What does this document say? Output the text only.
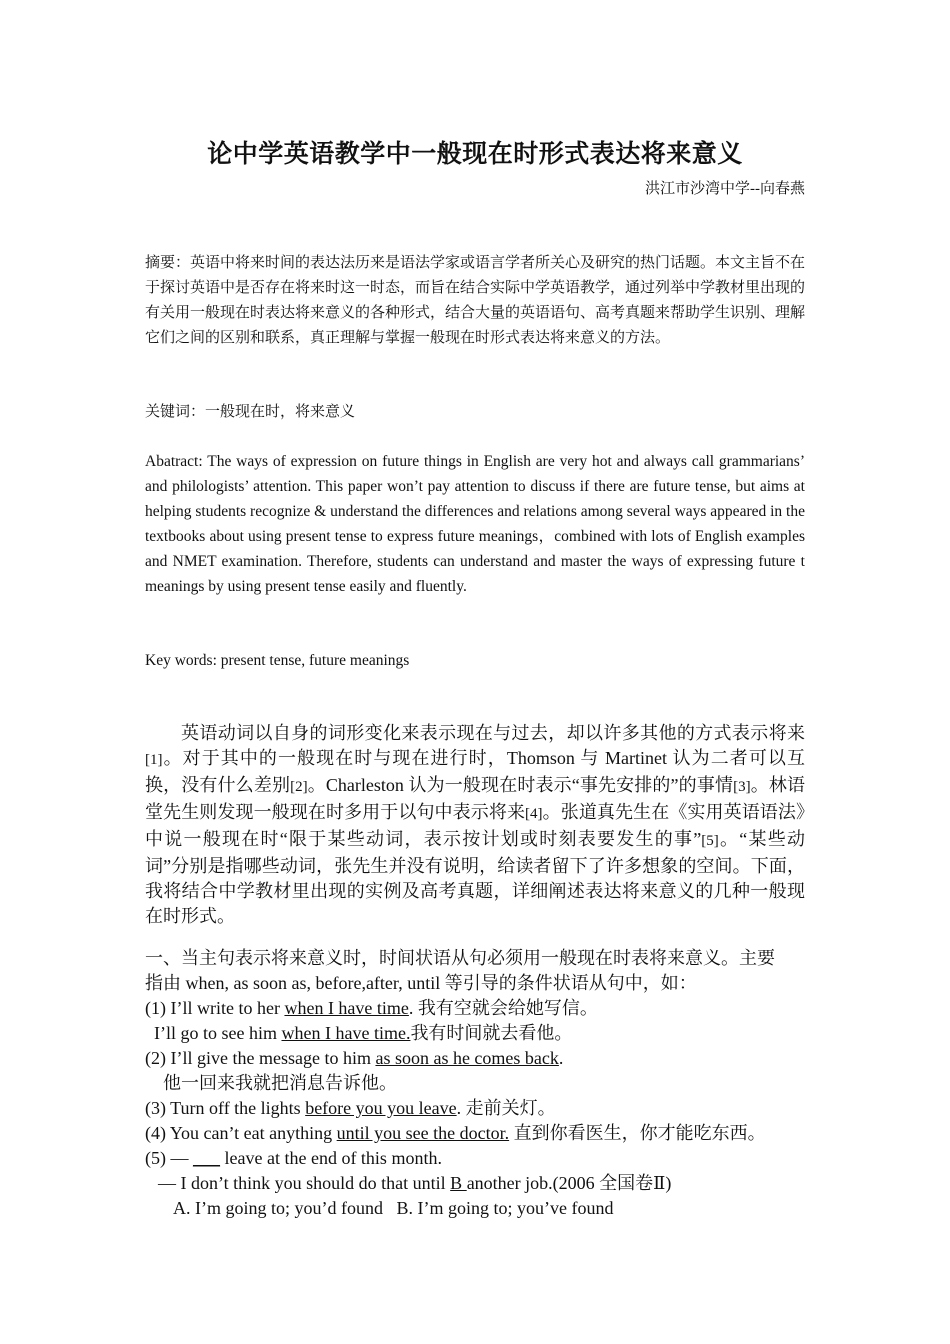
论中学英语教学中一般现在时形式表达将来意义
洪江市沙湾中学--向春燕
摘要：英语中将来时间的表达法历来是语法学家或语言学者所关心及研究的热门话题。本文主旨不在于探讨英语中是否存在将来时这一时态，而旨在结合实际中学英语教学，通过列举中学教材里出现的有关用一般现在时表达将来意义的各种形式，结合大量的英语语句、高考真题来帮助学生识别、理解它们之间的区别和联系，真正理解与掌握一般现在时形式表达将来意义的方法。
关键词：一般现在时，将来意义
Abatract: The ways of expression on future things in English are very hot and always call grammarians’ and philologists’ attention. This paper won’t pay attention to discuss if there are future tense, but aims at helping students recognize & understand the differences and relations among several ways appeared in the textbooks about using present tense to express future meanings，combined with lots of English examples and NMET examination. Therefore, students can understand and master the ways of expressing future t meanings by using present tense easily and fluently.
Key words: present tense, future meanings
英语动词以自身的词形变化来表示现在与过去，却以许多其他的方式表示将来[1]。对于其中的一般现在时与现在进行时，Thomson 与 Martinet 认为二者可以互换，没有什么差别[2]。Charleston 认为一般现在时表示“事先安排的”的事情[3]。林语堂先生则发现一般现在时多用于以句中表示将来[4]。张道真先生在《实用英语语法》中说一般现在时“限于某些动词，表示按计划或时刻表要发生的事”[5]。“某些动词”分别是指哪些动词，张先生并没有说明，给读者留下了许多想象的空间。下面，我将结合中学教材里出现的实例及高考真题，详细阐述表达将来意义的几种一般现在时形式。
一、当主句表示将来意义时，时间状语从句必须用一般现在时表将来意义。主要
指由 when, as soon as, before,after, until 等引导的条件状语从句中，如：
(1) I’ll write to her when I have time. 我有空就会给她写信。
I’ll go to see him when I have time.我有时间就去看他。
(2) I’ll give the message to him as soon as he comes back.
他一回来我就把消息告诉他。
(3) Turn off the lights before you you leave. 走前关灯。
(4) You can’t eat anything until you see the doctor. 直到你看医生，你才能吃东西。
(5) — ___ leave at the end of this month.
— I don’t think you should do that until B another job.(2006 全国卷Ⅱ)
A. I’m going to; you’d found   B. I’m going to; you’ve found
